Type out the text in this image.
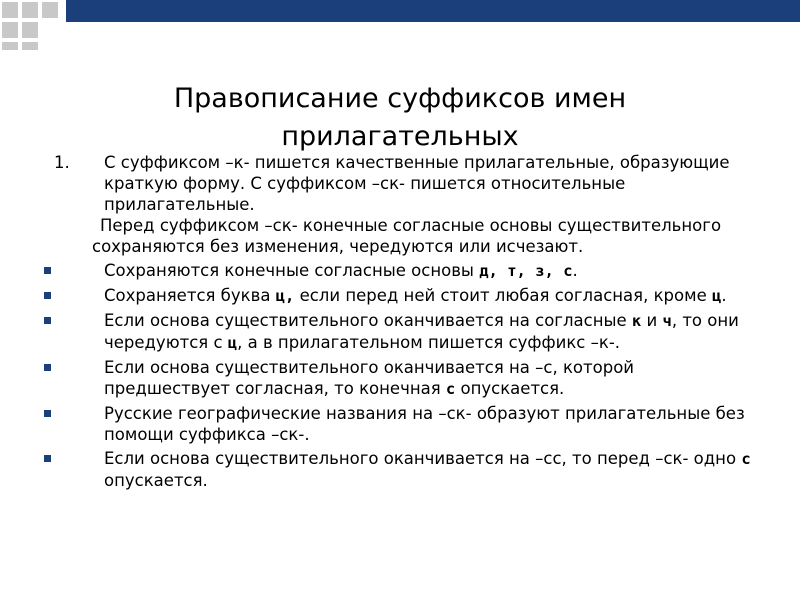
Правописание суффиксов имен
прилагательных

1. С суффиксом –к- пишется качественные прилагательные, образующие краткую форму. С суффиксом –ск- пишется относительные прилагательные.

Перед суффиксом –ск- конечные согласные основы существительного сохраняются без изменения, чередуются или исчезают.

Сохраняются конечные согласные основы д, т, з, с.

Сохраняется буква ц, если перед ней стоит любая согласная, кроме ц.

Если основа существительного оканчивается на согласные к и ч, то они чередуются с ц, а в прилагательном пишется суффикс –к-.

Если основа существительного оканчивается на –с, которой предшествует согласная, то конечная с опускается.

Русские географические названия на –ск- образуют прилагательные без помощи суффикса –ск-.

Если основа существительного оканчивается на –сс, то перед –ск- одно с опускается.
